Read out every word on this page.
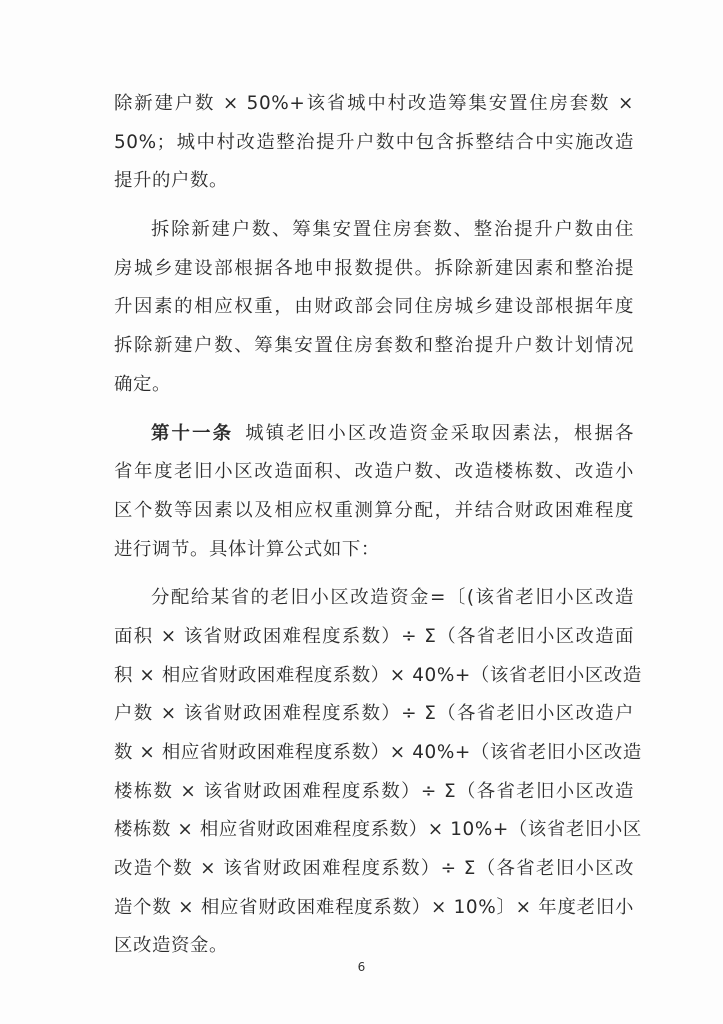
除新建户数 × 50%+该省城中村改造筹集安置住房套数 ×
50%；城中村改造整治提升户数中包含拆整结合中实施改造
提升的户数。
拆除新建户数、筹集安置住房套数、整治提升户数由住
房城乡建设部根据各地申报数提供。拆除新建因素和整治提
升因素的相应权重，由财政部会同住房城乡建设部根据年度
拆除新建户数、筹集安置住房套数和整治提升户数计划情况
确定。
第十一条 城镇老旧小区改造资金采取因素法，根据各
省年度老旧小区改造面积、改造户数、改造楼栋数、改造小
区个数等因素以及相应权重测算分配，并结合财政困难程度
进行调节。具体计算公式如下：
分配给某省的老旧小区改造资金=〔(该省老旧小区改造
面积 × 该省财政困难程度系数）÷ Σ（各省老旧小区改造面
积 × 相应省财政困难程度系数）× 40%+（该省老旧小区改造
户数 × 该省财政困难程度系数）÷ Σ（各省老旧小区改造户
数 × 相应省财政困难程度系数）× 40%+（该省老旧小区改造
楼栋数 × 该省财政困难程度系数）÷ Σ（各省老旧小区改造
楼栋数 × 相应省财政困难程度系数）× 10%+（该省老旧小区
改造个数 × 该省财政困难程度系数）÷ Σ（各省老旧小区改
造个数 × 相应省财政困难程度系数）× 10%〕× 年度老旧小
区改造资金。
6
